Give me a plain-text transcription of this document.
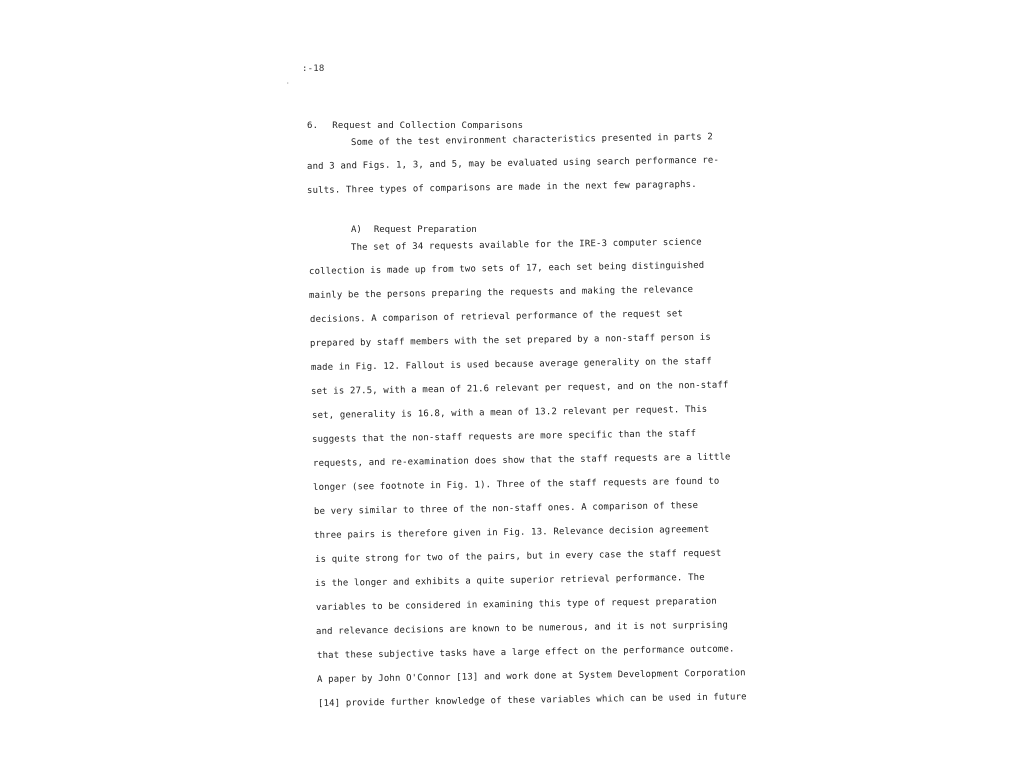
:-18
·
6. Request and Collection Comparisons
Some of the test environment characteristics presented in parts 2
and 3 and Figs. 1, 3, and 5, may be evaluated using search performance re-
sults. Three types of comparisons are made in the next few paragraphs.
A) Request Preparation
The set of 34 requests available for the IRE-3 computer science
collection is made up from two sets of 17, each set being distinguished
mainly be the persons preparing the requests and making the relevance
decisions. A comparison of retrieval performance of the request set
prepared by staff members with the set prepared by a non-staff person is
made in Fig. 12. Fallout is used because average generality on the staff
set is 27.5, with a mean of 21.6 relevant per request, and on the non-staff
set, generality is 16.8, with a mean of 13.2 relevant per request. This
suggests that the non-staff requests are more specific than the staff
requests, and re-examination does show that the staff requests are a little
longer (see footnote in Fig. 1). Three of the staff requests are found to
be very similar to three of the non-staff ones. A comparison of these
three pairs is therefore given in Fig. 13. Relevance decision agreement
is quite strong for two of the pairs, but in every case the staff request
is the longer and exhibits a quite superior retrieval performance. The
variables to be considered in examining this type of request preparation
and relevance decisions are known to be numerous, and it is not surprising
that these subjective tasks have a large effect on the performance outcome.
A paper by John O'Connor [13] and work done at System Development Corporation
[14] provide further knowledge of these variables which can be used in future
